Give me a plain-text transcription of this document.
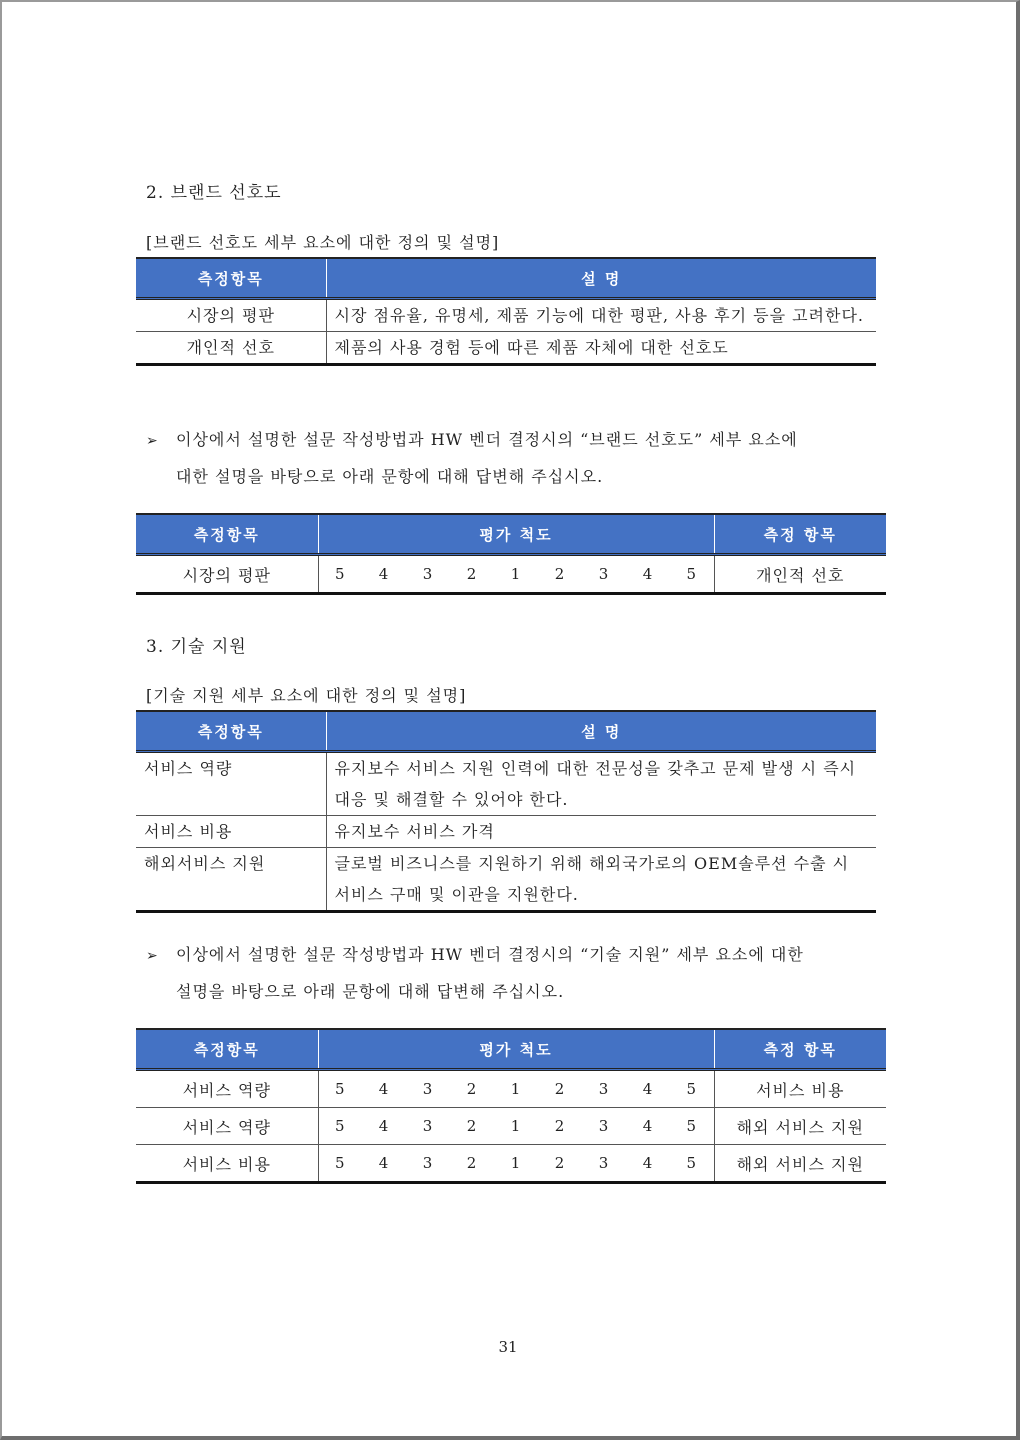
2. 브랜드 선호도
[브랜드 선호도 세부 요소에 대한 정의 및 설명]
측정항목	설 명
시장의 평판	시장 점유율, 유명세, 제품 기능에 대한 평판, 사용 후기 등을 고려한다.
개인적 선호	제품의 사용 경험 등에 따른 제품 자체에 대한 선호도
➢ 이상에서 설명한 설문 작성방법과 HW 벤더 결정시의 “브랜드 선호도” 세부 요소에
대한 설명을 바탕으로 아래 문항에 대해 답변해 주십시오.
측정항목	평가 척도									측정 항목
시장의 평판	5	4	3	2	1	2	3	4	5	개인적 선호
3. 기술 지원
[기술 지원 세부 요소에 대한 정의 및 설명]
측정항목	설 명
서비스 역량	유지보수 서비스 지원 인력에 대한 전문성을 갖추고 문제 발생 시 즉시 대응 및 해결할 수 있어야 한다.
서비스 비용	유지보수 서비스 가격
해외서비스 지원	글로벌 비즈니스를 지원하기 위해 해외국가로의 OEM솔루션 수출 시 서비스 구매 및 이관을 지원한다.
➢ 이상에서 설명한 설문 작성방법과 HW 벤더 결정시의 “기술 지원” 세부 요소에 대한
설명을 바탕으로 아래 문항에 대해 답변해 주십시오.
측정항목	평가 척도									측정 항목
서비스 역량	5	4	3	2	1	2	3	4	5	서비스 비용
서비스 역량	5	4	3	2	1	2	3	4	5	해외 서비스 지원
서비스 비용	5	4	3	2	1	2	3	4	5	해외 서비스 지원
31
